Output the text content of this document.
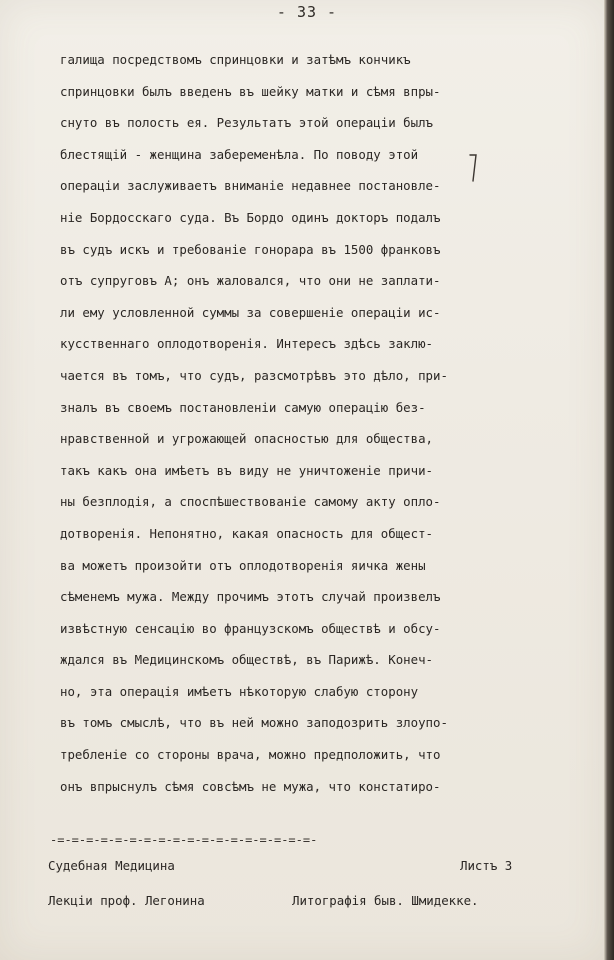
- 33 -
галища посредствомъ спринцовки и затѣмъ кончикъ
спринцовки былъ введенъ въ шейку матки и сѣмя впры-
снуто въ полость ея. Результатъ этой операціи былъ
блестящій - женщина забеременѣла. По поводу этой
операціи заслуживаетъ вниманіе недавнее постановле-
ніе Бордосскаго суда. Въ Бордо одинъ докторъ подалъ
въ судъ искъ и требованіе гонорара въ 1500 франковъ
отъ супруговъ А; онъ жаловался, что они не заплати-
ли ему условленной суммы за совершеніе операціи ис-
кусственнаго оплодотворенія. Интересъ здѣсь заклю-
чается въ томъ, что судъ, разсмотрѣвъ это дѣло, при-
зналъ въ своемъ постановленіи самую операцію без-
нравственной и угрожающей опасностью для общества,
такъ какъ она имѣетъ въ виду не уничтоженіе причи-
ны безплодія, а споспѣшествованіе самому акту опло-
дотворенія. Непонятно, какая опасность для общест-
ва можетъ произойти отъ оплодотворенія яичка жены
сѣменемъ мужа. Между прочимъ этотъ случай произвелъ
извѣстную сенсацію во французскомъ обществѣ и обсу-
ждался въ Медицинскомъ обществѣ, въ Парижѣ. Конеч-
но, эта операція имѣетъ нѣкоторую слабую сторону
въ томъ смыслѣ, что въ ней можно заподозрить злоупо-
требленіе со стороны врача, можно предположить, что
онъ впрыснулъ сѣмя совсѣмъ не мужа, что констатиро-
-=-=-=-=-=-=-=-=-=-=-=-=-=-=-=-=-=-=-
Судебная Медицина	Листъ 3
Лекціи проф. Легонина	Литографія быв. Шмидекке.
